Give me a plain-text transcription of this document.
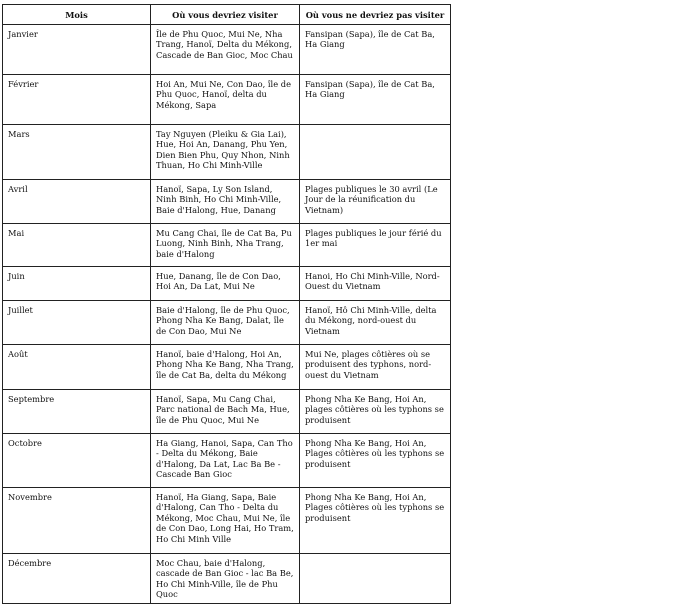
Mois	Où vous devriez visiter	Où vous ne devriez pas visiter
Janvier	Île de Phu Quoc, Mui Ne, Nha Trang, Hanoï, Delta du Mékong, Cascade de Ban Gioc, Moc Chau	Fansipan (Sapa), île de Cat Ba, Ha Giang
Février	Hoi An, Mui Ne, Con Dao, île de Phu Quoc, Hanoï, delta du Mékong, Sapa	Fansipan (Sapa), île de Cat Ba, Ha Giang
Mars	Tay Nguyen (Pleiku & Gia Lai), Hue, Hoi An, Danang, Phu Yen, Dien Bien Phu, Quy Nhon, Ninh Thuan, Ho Chi Minh-Ville	
Avril	Hanoï, Sapa, Ly Son Island, Ninh Binh, Ho Chi Minh-Ville, Baie d'Halong, Hue, Danang	Plages publiques le 30 avril (Le Jour de la réunification du Vietnam)
Mai	Mu Cang Chai, île de Cat Ba, Pu Luong, Ninh Binh, Nha Trang, baie d'Halong	Plages publiques le jour férié du 1er mai
Juin	Hue, Danang, île de Con Dao, Hoi An, Da Lat, Mui Ne	Hanoi, Ho Chi Minh-Ville, Nord-Ouest du Vietnam
Juillet	Baie d'Halong, île de Phu Quoc, Phong Nha Ke Bang, Dalat, île de Con Dao, Mui Ne	Hanoï, Hô Chi Minh-Ville, delta du Mékong, nord-ouest du Vietnam
Août	Hanoï, baie d'Halong, Hoi An, Phong Nha Ke Bang, Nha Trang, île de Cat Ba, delta du Mékong	Mui Ne, plages côtières où se produisent des typhons, nord-ouest du Vietnam
Septembre	Hanoï, Sapa, Mu Cang Chai, Parc national de Bach Ma, Hue, île de Phu Quoc, Mui Ne	Phong Nha Ke Bang, Hoi An, plages côtières où les typhons se produisent
Octobre	Ha Giang, Hanoi, Sapa, Can Tho - Delta du Mékong, Baie d'Halong, Da Lat, Lac Ba Be - Cascade Ban Gioc	Phong Nha Ke Bang, Hoi An, Plages côtières où les typhons se produisent
Novembre	Hanoï, Ha Giang, Sapa, Baie d'Halong, Can Tho - Delta du Mékong, Moc Chau, Mui Ne, île de Con Dao, Long Hai, Ho Tram, Ho Chi Minh Ville	Phong Nha Ke Bang, Hoi An, Plages côtières où les typhons se produisent
Décembre	Moc Chau, baie d'Halong, cascade de Ban Gioc - lac Ba Be, Ho Chi Minh-Ville, île de Phu Quoc	
